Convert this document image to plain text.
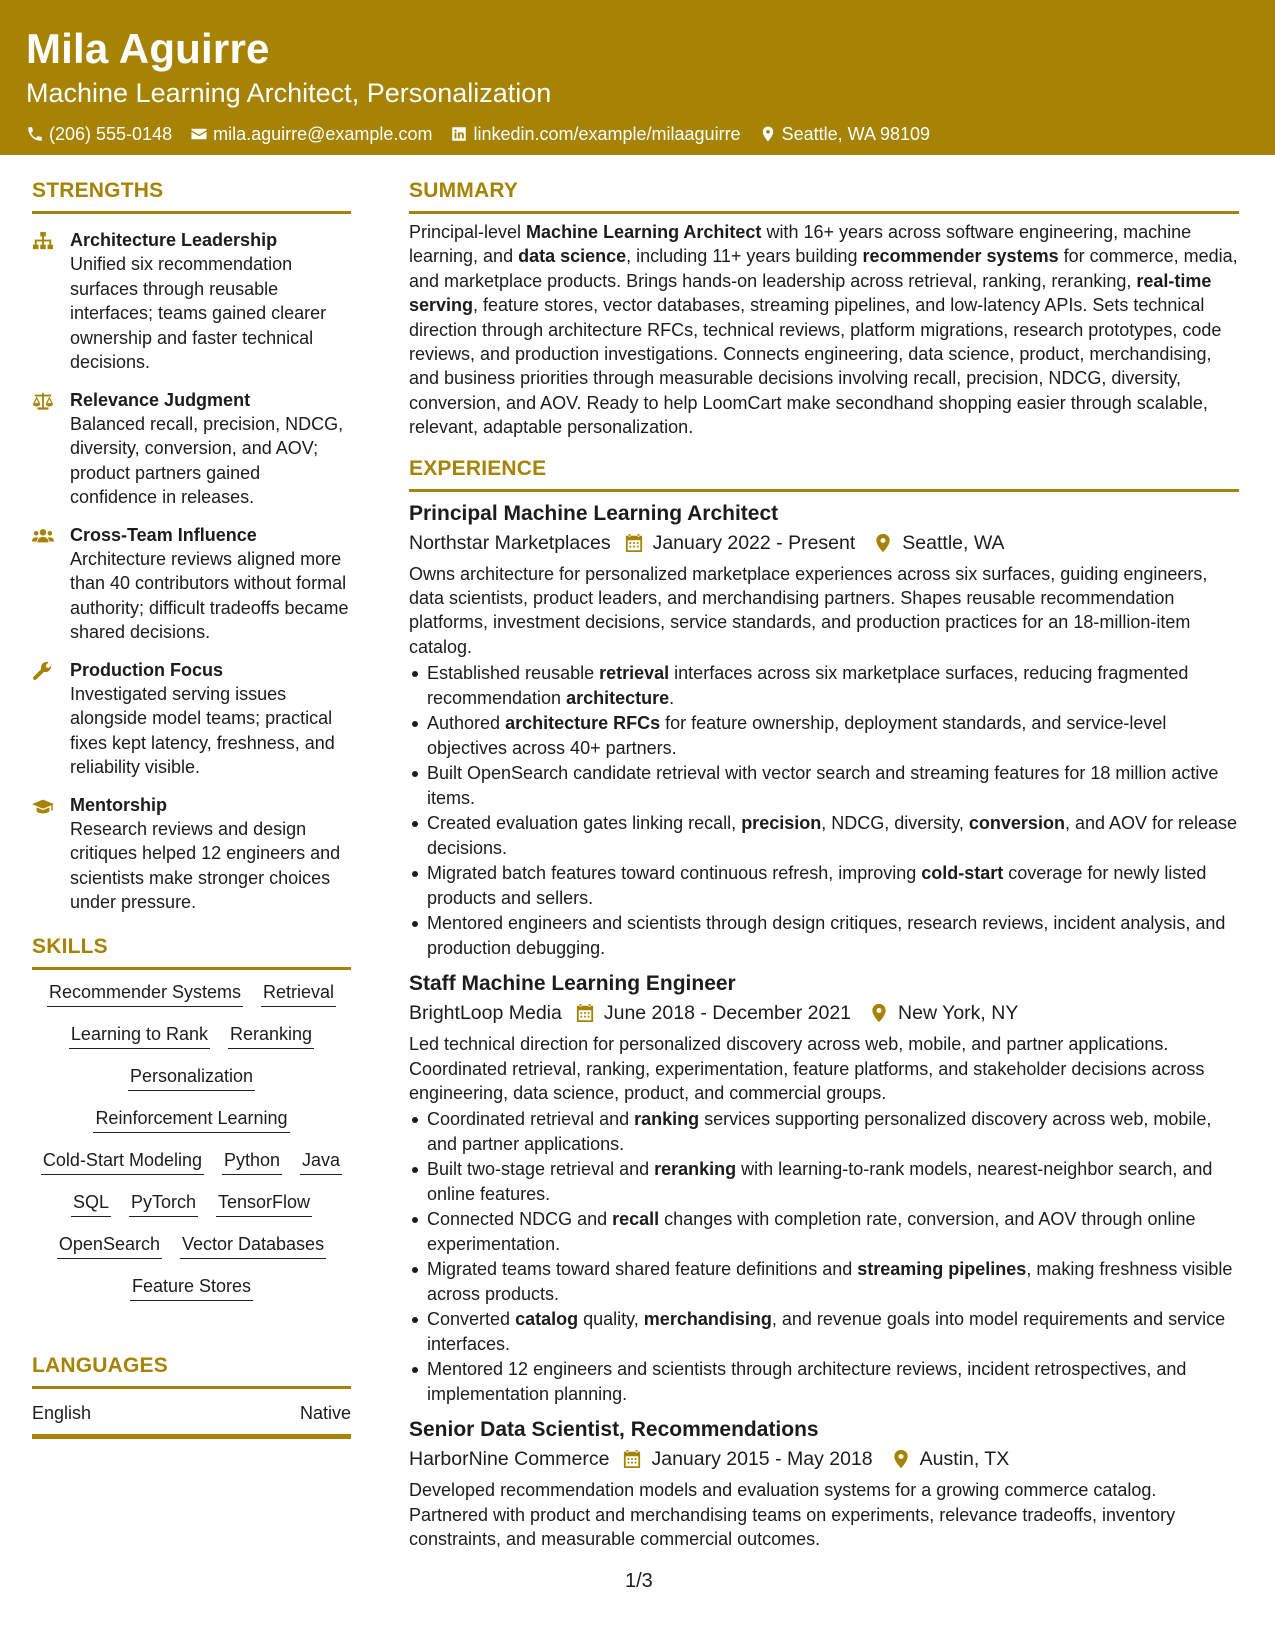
Mila Aguirre
Machine Learning Architect, Personalization
(206) 555-0148 mila.aguirre@example.com linkedin.com/example/milaaguirre Seattle, WA 98109
STRENGTHS
Architecture Leadership
Unified six recommendation surfaces through reusable interfaces; teams gained clearer ownership and faster technical decisions.
Relevance Judgment
Balanced recall, precision, NDCG, diversity, conversion, and AOV; product partners gained confidence in releases.
Cross-Team Influence
Architecture reviews aligned more than 40 contributors without formal authority; difficult tradeoffs became shared decisions.
Production Focus
Investigated serving issues alongside model teams; practical fixes kept latency, freshness, and reliability visible.
Mentorship
Research reviews and design critiques helped 12 engineers and scientists make stronger choices under pressure.
SKILLS
Recommender Systems Retrieval
Learning to Rank Reranking
Personalization
Reinforcement Learning
Cold-Start Modeling Python Java
SQL PyTorch TensorFlow
OpenSearch Vector Databases
Feature Stores
LANGUAGES
English	Native
SUMMARY
Principal-level Machine Learning Architect with 16+ years across software engineering, machine learning, and data science, including 11+ years building recommender systems for commerce, media, and marketplace products. Brings hands-on leadership across retrieval, ranking, reranking, real-time serving, feature stores, vector databases, streaming pipelines, and low-latency APIs. Sets technical direction through architecture RFCs, technical reviews, platform migrations, research prototypes, code reviews, and production investigations. Connects engineering, data science, product, merchandising, and business priorities through measurable decisions involving recall, precision, NDCG, diversity, conversion, and AOV. Ready to help LoomCart make secondhand shopping easier through scalable, relevant, adaptable personalization.
EXPERIENCE
Principal Machine Learning Architect
Northstar Marketplaces January 2022 - Present Seattle, WA
Owns architecture for personalized marketplace experiences across six surfaces, guiding engineers, data scientists, product leaders, and merchandising partners. Shapes reusable recommendation platforms, investment decisions, service standards, and production practices for an 18-million-item catalog.
Established reusable retrieval interfaces across six marketplace surfaces, reducing fragmented recommendation architecture.
Authored architecture RFCs for feature ownership, deployment standards, and service-level objectives across 40+ partners.
Built OpenSearch candidate retrieval with vector search and streaming features for 18 million active items.
Created evaluation gates linking recall, precision, NDCG, diversity, conversion, and AOV for release decisions.
Migrated batch features toward continuous refresh, improving cold-start coverage for newly listed products and sellers.
Mentored engineers and scientists through design critiques, research reviews, incident analysis, and production debugging.
Staff Machine Learning Engineer
BrightLoop Media June 2018 - December 2021 New York, NY
Led technical direction for personalized discovery across web, mobile, and partner applications. Coordinated retrieval, ranking, experimentation, feature platforms, and stakeholder decisions across engineering, data science, product, and commercial groups.
Coordinated retrieval and ranking services supporting personalized discovery across web, mobile, and partner applications.
Built two-stage retrieval and reranking with learning-to-rank models, nearest-neighbor search, and online features.
Connected NDCG and recall changes with completion rate, conversion, and AOV through online experimentation.
Migrated teams toward shared feature definitions and streaming pipelines, making freshness visible across products.
Converted catalog quality, merchandising, and revenue goals into model requirements and service interfaces.
Mentored 12 engineers and scientists through architecture reviews, incident retrospectives, and implementation planning.
Senior Data Scientist, Recommendations
HarborNine Commerce January 2015 - May 2018 Austin, TX
Developed recommendation models and evaluation systems for a growing commerce catalog. Partnered with product and merchandising teams on experiments, relevance tradeoffs, inventory constraints, and measurable commercial outcomes.
1/3
